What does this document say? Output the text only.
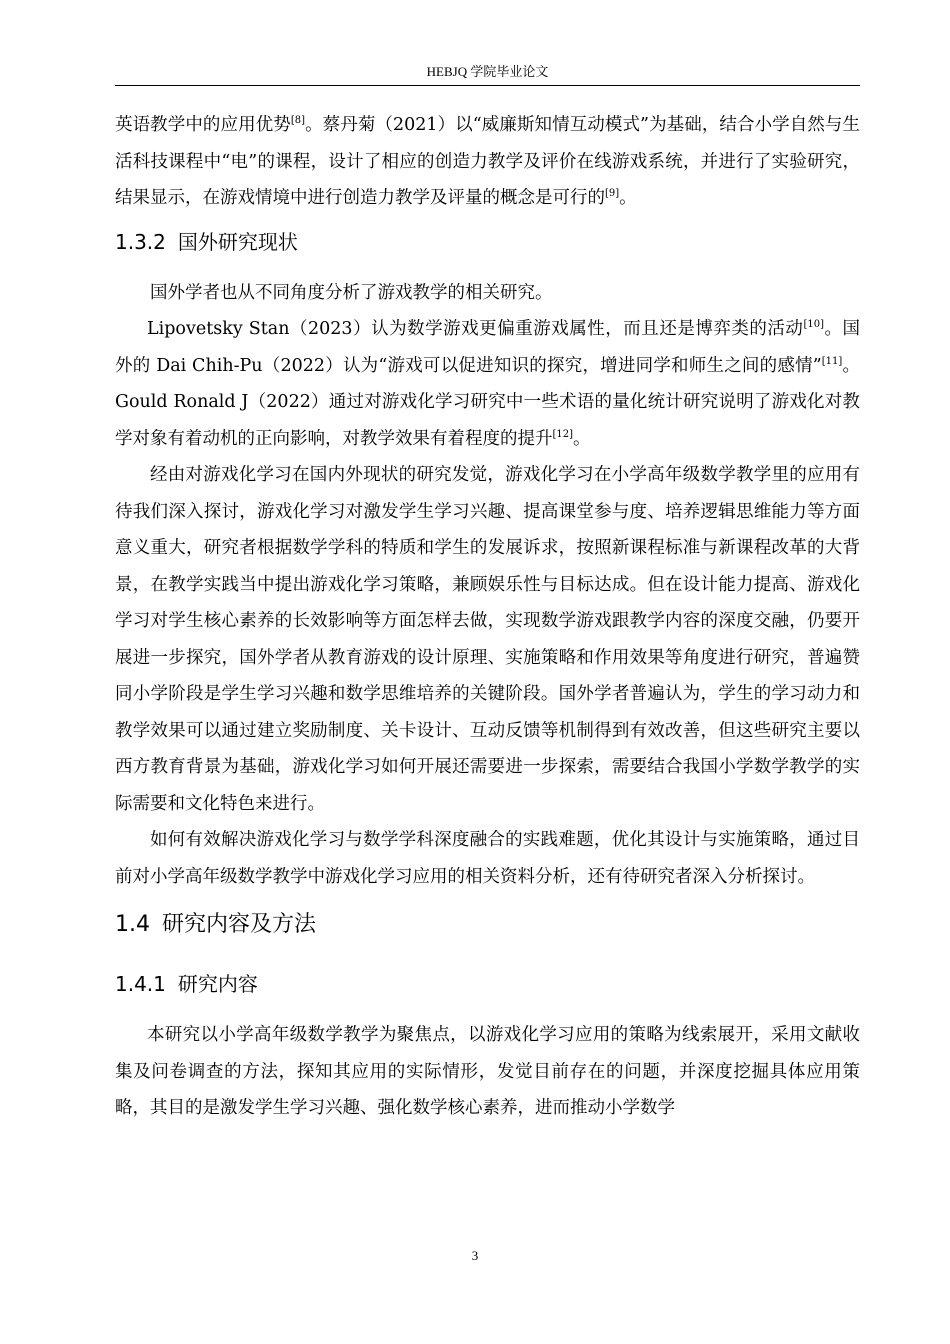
HEBJQ 学院毕业论文

英语教学中的应用优势[8]。蔡丹菊（2021）以“威廉斯知情互动模式”为基础，结合小学自然与生活科技课程中“电”的课程，设计了相应的创造力教学及评价在线游戏系统，并进行了实验研究，结果显示，在游戏情境中进行创造力教学及评量的概念是可行的[9]。

1.3.2 国外研究现状

国外学者也从不同角度分析了游戏教学的相关研究。

Lipovetsky Stan（2023）认为数学游戏更偏重游戏属性，而且还是博弈类的活动[10]。国外的 Dai Chih-Pu（2022）认为“游戏可以促进知识的探究，增进同学和师生之间的感情”[11]。Gould Ronald J（2022）通过对游戏化学习研究中一些术语的量化统计研究说明了游戏化对教学对象有着动机的正向影响，对教学效果有着程度的提升[12]。

经由对游戏化学习在国内外现状的研究发觉，游戏化学习在小学高年级数学教学里的应用有待我们深入探讨，游戏化学习对激发学生学习兴趣、提高课堂参与度、培养逻辑思维能力等方面意义重大，研究者根据数学学科的特质和学生的发展诉求，按照新课程标准与新课程改革的大背景，在教学实践当中提出游戏化学习策略，兼顾娱乐性与目标达成。但在设计能力提高、游戏化学习对学生核心素养的长效影响等方面怎样去做，实现数学游戏跟教学内容的深度交融，仍要开展进一步探究，国外学者从教育游戏的设计原理、实施策略和作用效果等角度进行研究，普遍赞同小学阶段是学生学习兴趣和数学思维培养的关键阶段。国外学者普遍认为，学生的学习动力和教学效果可以通过建立奖励制度、关卡设计、互动反馈等机制得到有效改善，但这些研究主要以西方教育背景为基础，游戏化学习如何开展还需要进一步探索，需要结合我国小学数学教学的实际需要和文化特色来进行。

如何有效解决游戏化学习与数学学科深度融合的实践难题，优化其设计与实施策略，通过目前对小学高年级数学教学中游戏化学习应用的相关资料分析，还有待研究者深入分析探讨。

1.4 研究内容及方法
1.4.1 研究内容

本研究以小学高年级数学教学为聚焦点，以游戏化学习应用的策略为线索展开，采用文献收集及问卷调查的方法，探知其应用的实际情形，发觉目前存在的问题，并深度挖掘具体应用策略，其目的是激发学生学习兴趣、强化数学核心素养，进而推动小学数学

3
